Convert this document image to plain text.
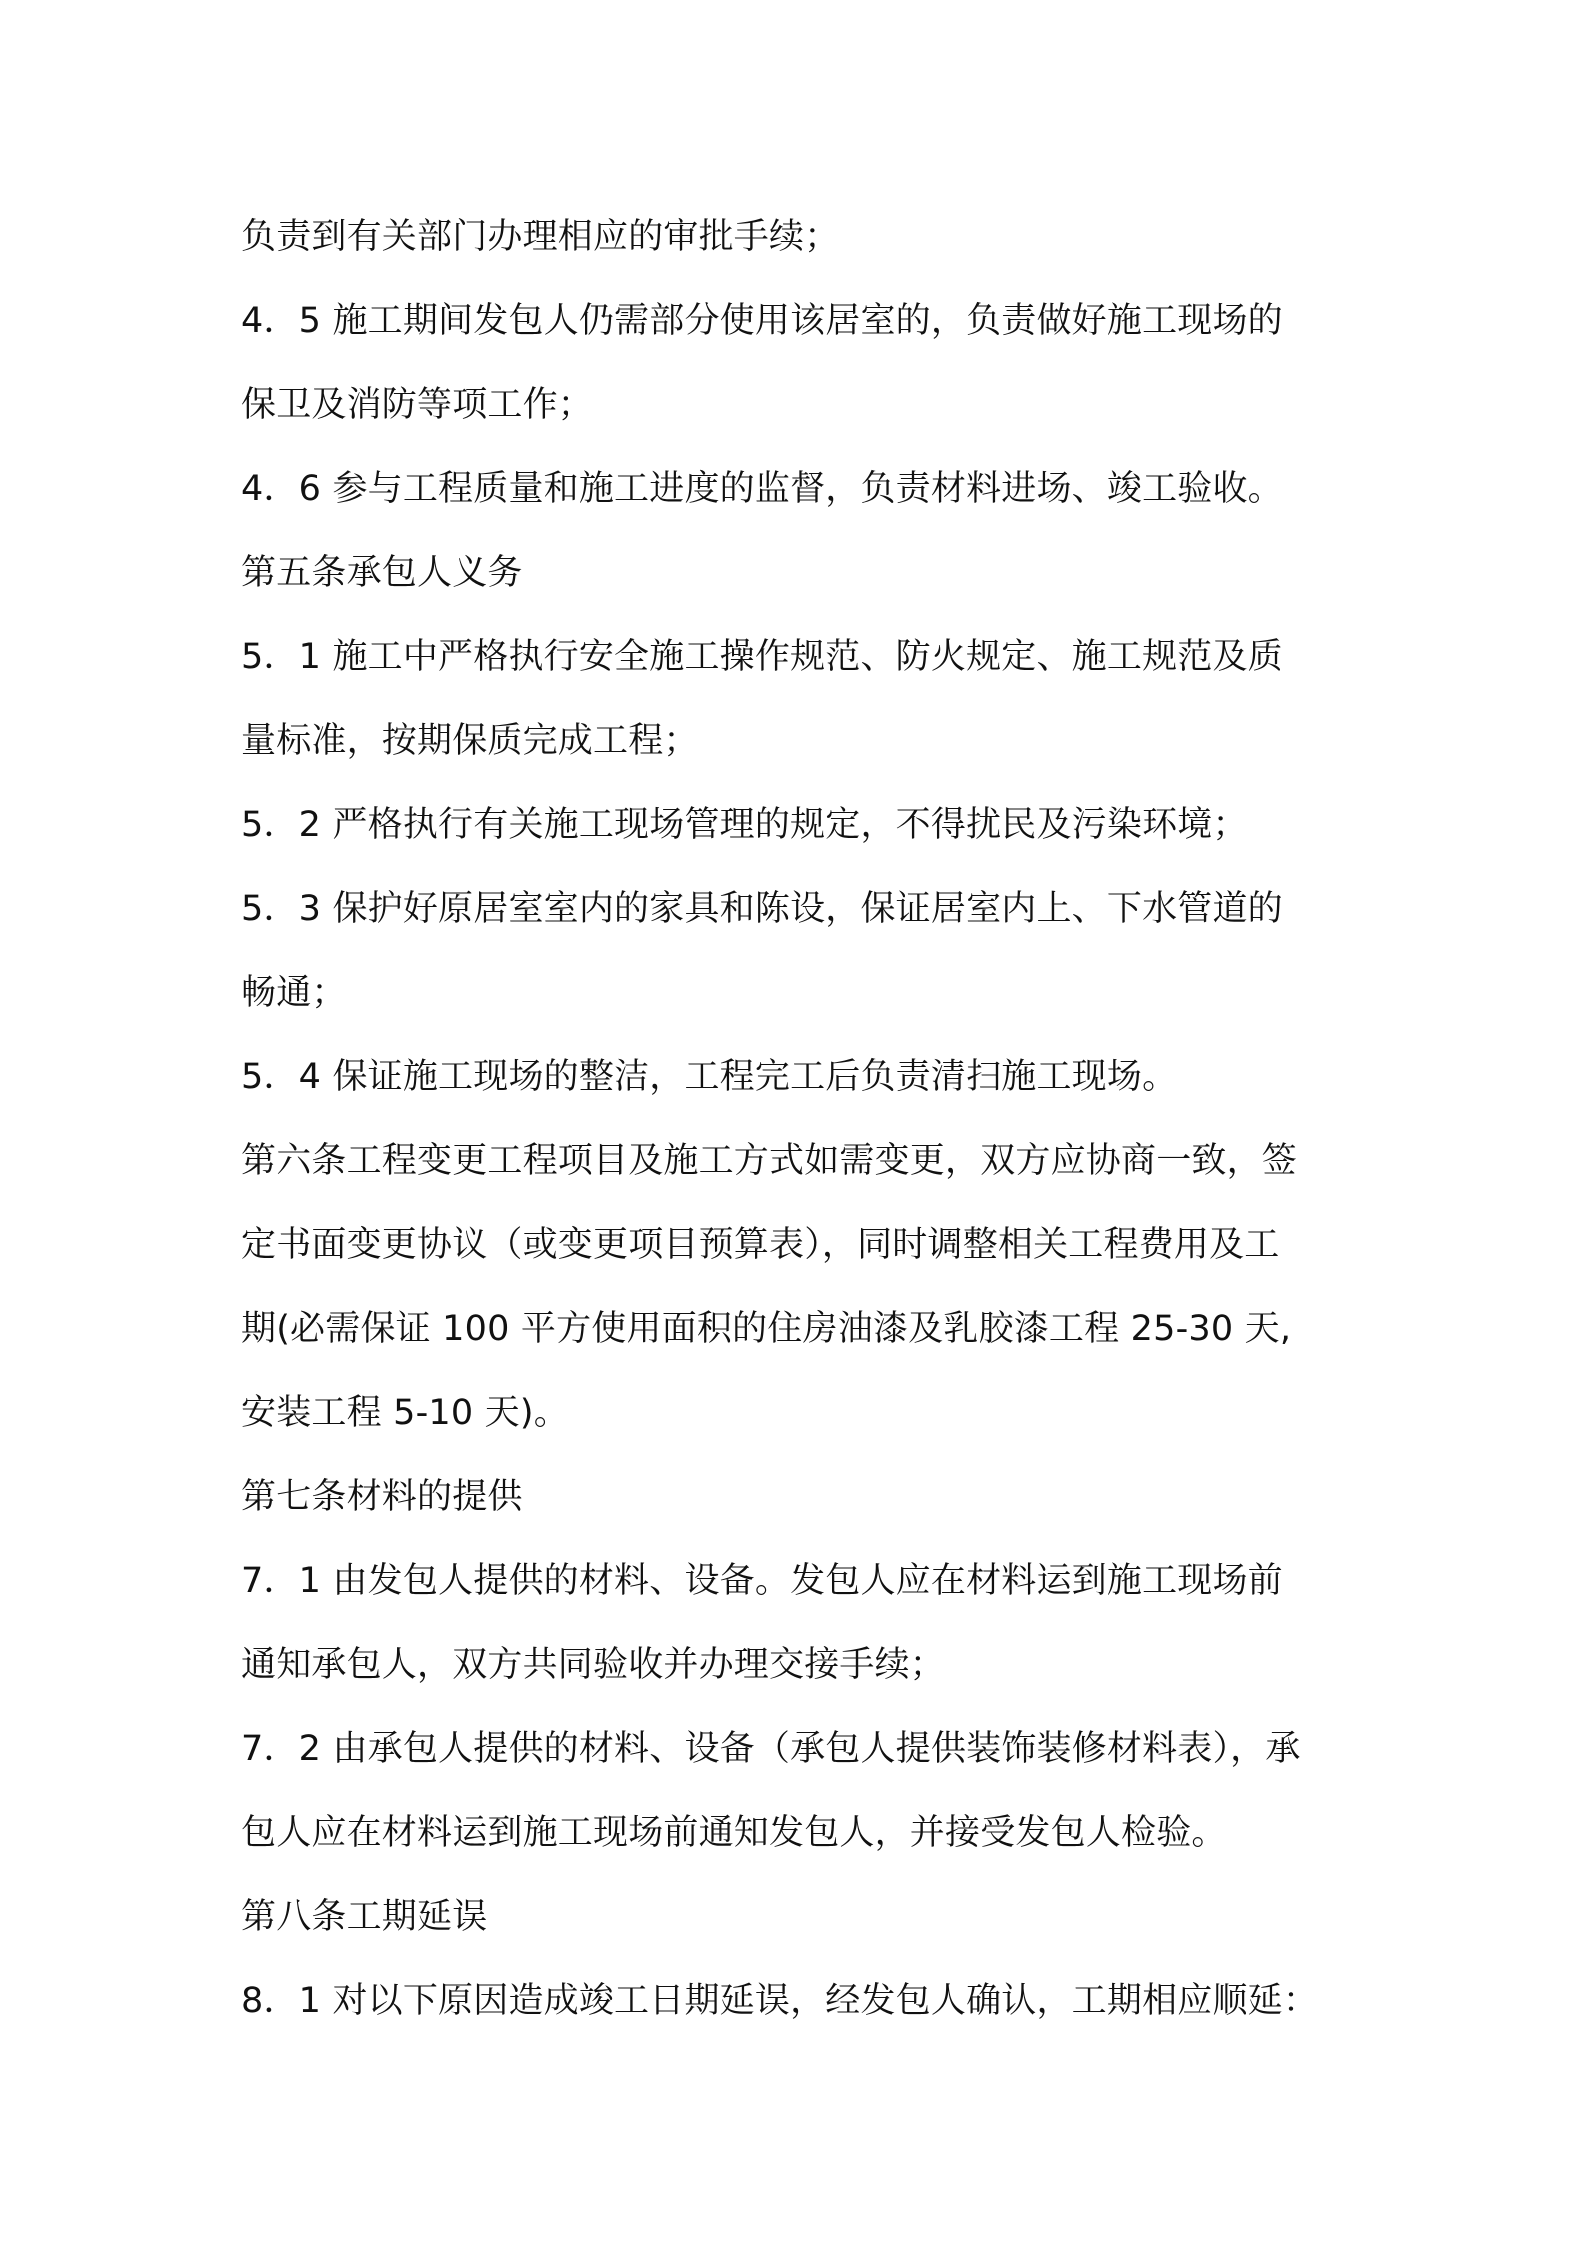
负责到有关部门办理相应的审批手续；
4．5 施工期间发包人仍需部分使用该居室的，负责做好施工现场的
保卫及消防等项工作；
4．6 参与工程质量和施工进度的监督，负责材料进场、竣工验收。
第五条承包人义务
5．1 施工中严格执行安全施工操作规范、防火规定、施工规范及质
量标准，按期保质完成工程；
5．2 严格执行有关施工现场管理的规定，不得扰民及污染环境；
5．3 保护好原居室室内的家具和陈设，保证居室内上、下水管道的
畅通；
5．4 保证施工现场的整洁，工程完工后负责清扫施工现场。
第六条工程变更工程项目及施工方式如需变更，双方应协商一致，签
定书面变更协议（或变更项目预算表），同时调整相关工程费用及工
期(必需保证 100 平方使用面积的住房油漆及乳胶漆工程 25-30 天,
安装工程 5-10 天)。
第七条材料的提供
7．1 由发包人提供的材料、设备。发包人应在材料运到施工现场前
通知承包人，双方共同验收并办理交接手续；
7．2 由承包人提供的材料、设备（承包人提供装饰装修材料表），承
包人应在材料运到施工现场前通知发包人，并接受发包人检验。
第八条工期延误
8．1 对以下原因造成竣工日期延误，经发包人确认，工期相应顺延：
